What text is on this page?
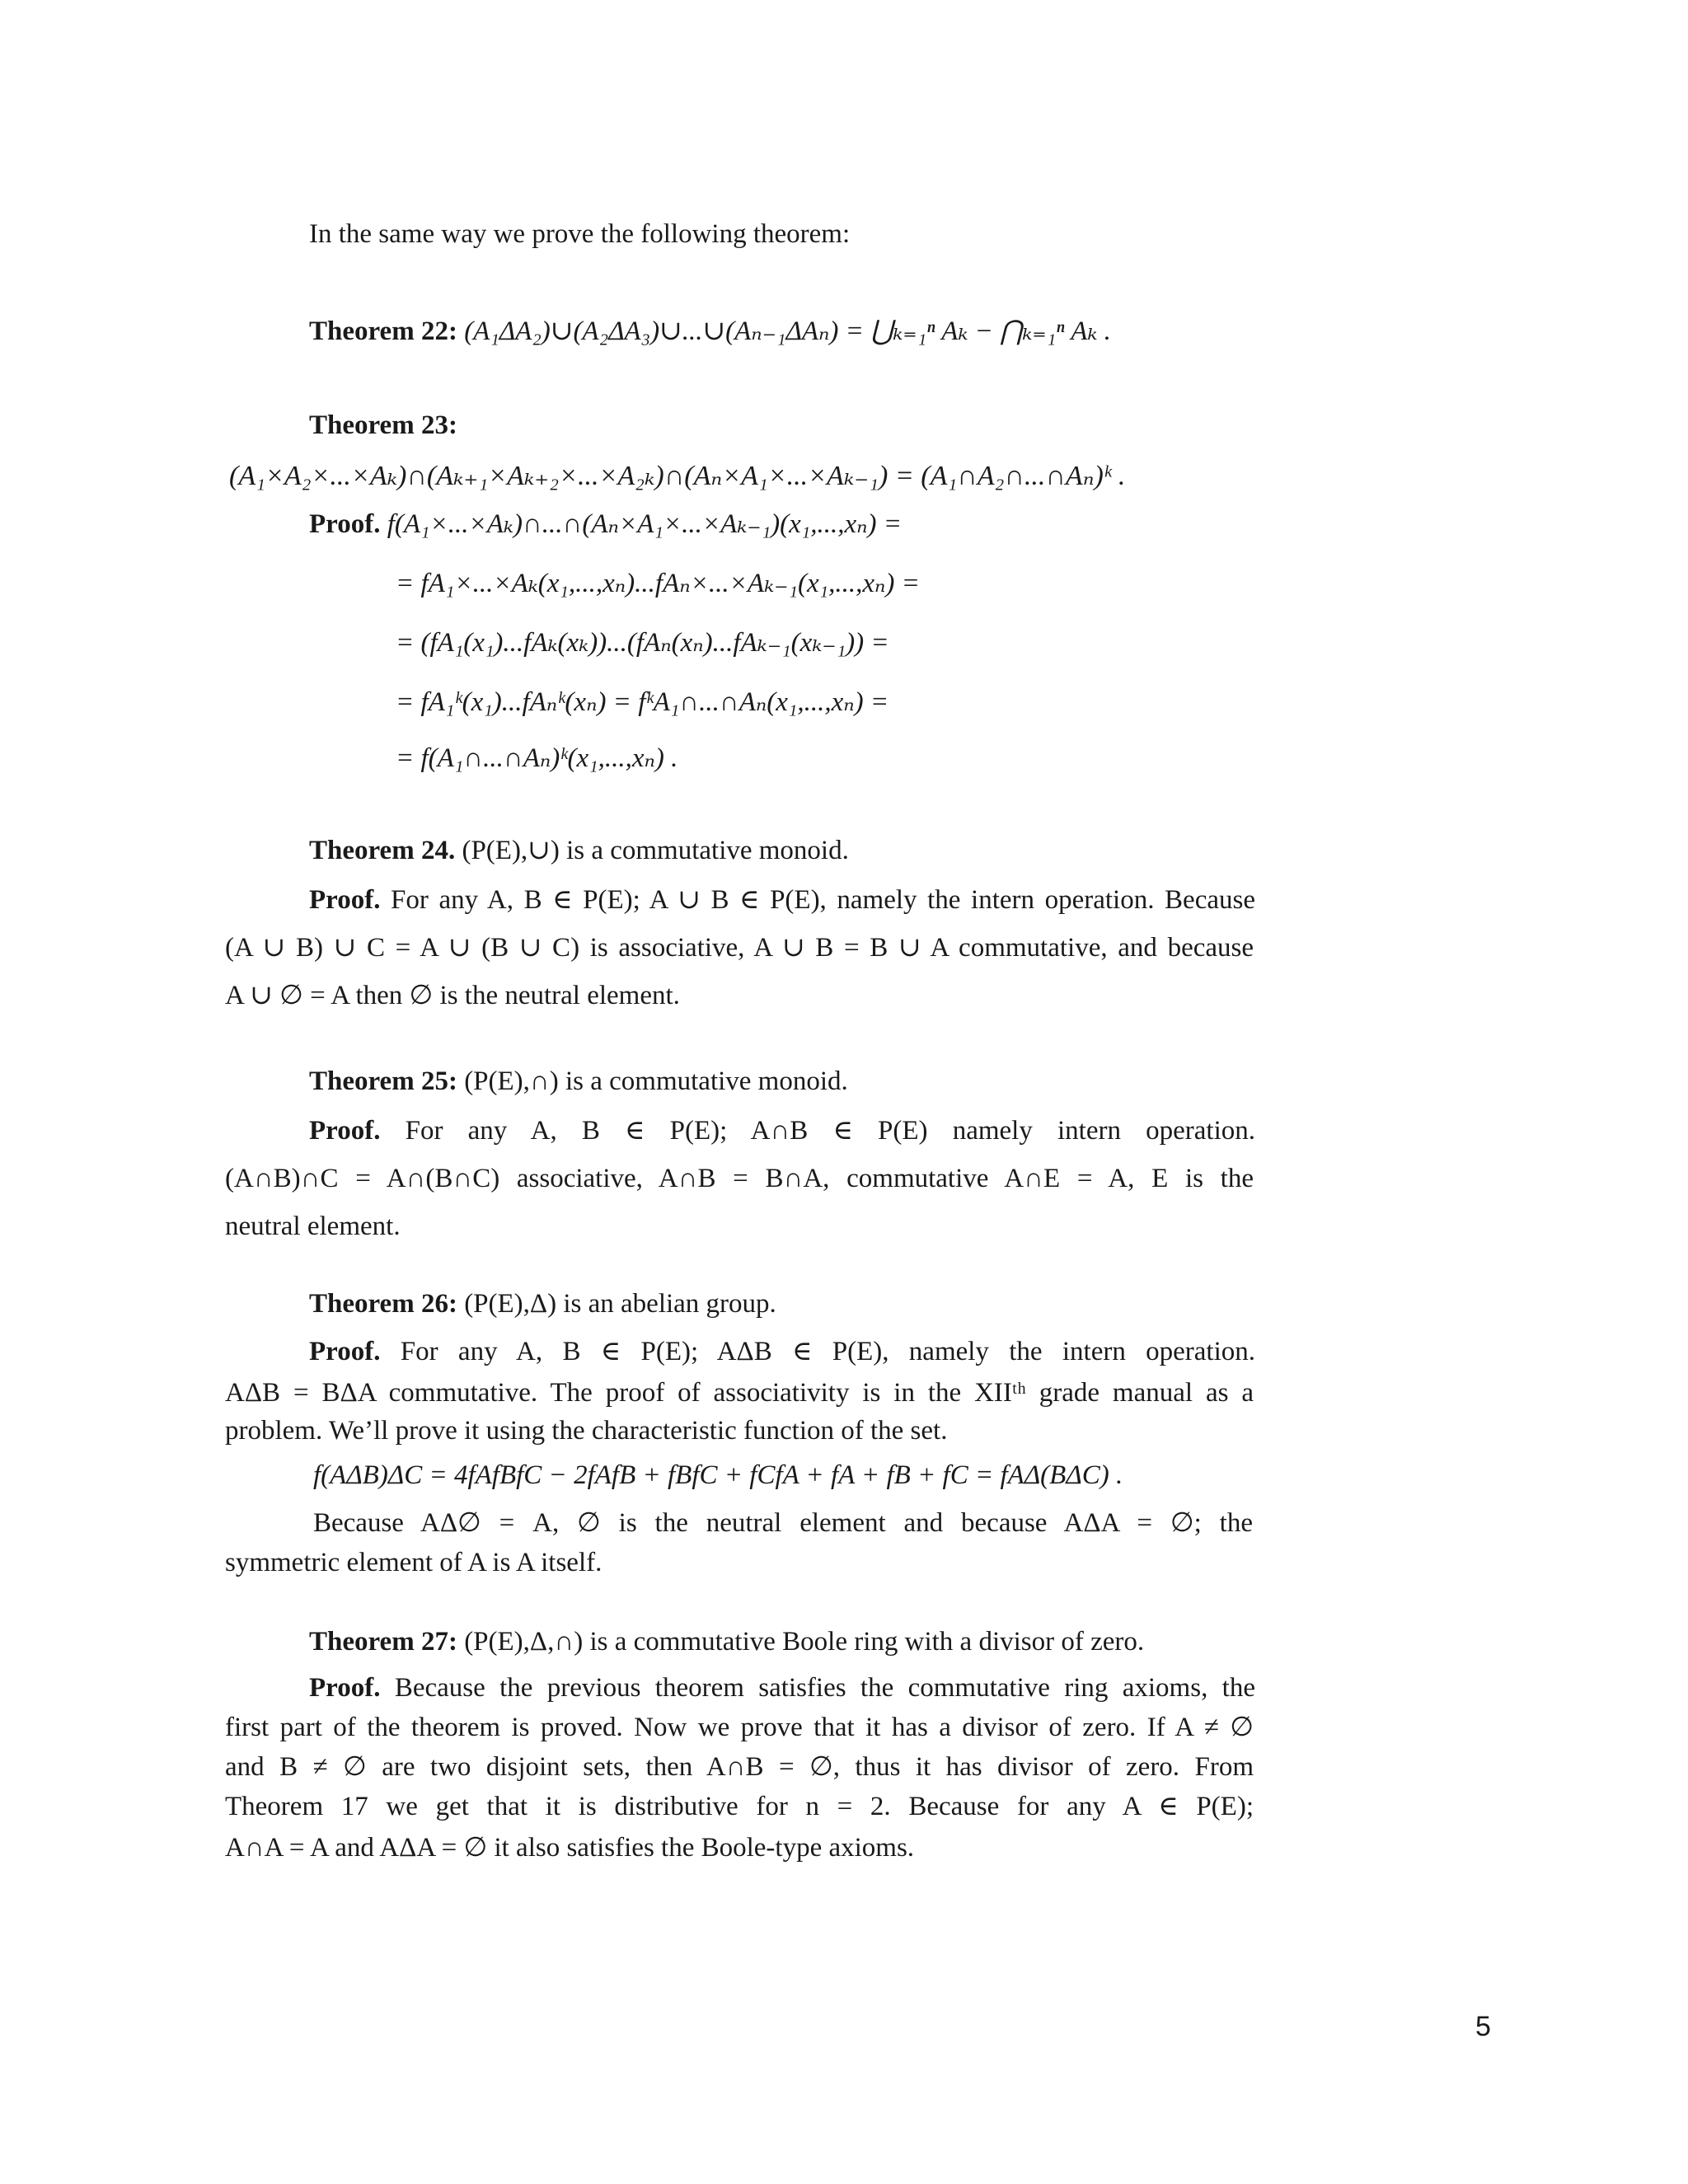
In the same way we prove the following theorem:
Theorem 22: (A₁ΔA₂)∪(A₂ΔA₃)∪...∪(Aₙ₋₁ΔAₙ) = ⋃ₖ₌₁ⁿ Aₖ − ⋂ₖ₌₁ⁿ Aₖ .
Theorem 23:
(A₁×A₂×...×Aₖ)∩(Aₖ₊₁×Aₖ₊₂×...×A₂ₖ)∩(Aₙ×A₁×...×Aₖ₋₁) = (A₁∩A₂∩...∩Aₙ)ᵏ .
Proof. f(A₁×...×Aₖ)∩...∩(Aₙ×A₁×...×Aₖ₋₁)(x₁,...,xₙ) =
= fA₁×...×Aₖ(x₁,...,xₙ)...fAₙ×...×Aₖ₋₁(x₁,...,xₙ) =
= (fA₁(x₁)...fAₖ(xₖ))...(fAₙ(xₙ)...fAₖ₋₁(xₖ₋₁)) =
= fA₁ᵏ(x₁)...fAₙᵏ(xₙ) = fᵏA₁∩...∩Aₙ(x₁,...,xₙ) =
= f(A₁∩...∩Aₙ)ᵏ(x₁,...,xₙ) .
Theorem 24. (P(E),∪) is a commutative monoid.
Proof. For any A, B ∈ P(E); A ∪ B ∈ P(E), namely the intern operation. Because
(A ∪ B) ∪ C = A ∪ (B ∪ C) is associative, A ∪ B = B ∪ A commutative, and because
A ∪ ∅ = A then ∅ is the neutral element.
Theorem 25: (P(E),∩) is a commutative monoid.
Proof. For any A, B ∈ P(E); A∩B ∈ P(E) namely intern operation.
(A∩B)∩C = A∩(B∩C) associative, A∩B = B∩A, commutative A∩E = A, E is the
neutral element.
Theorem 26: (P(E),Δ) is an abelian group.
Proof. For any A, B ∈ P(E); AΔB ∈ P(E), namely the intern operation.
AΔB = BΔA commutative. The proof of associativity is in the XIIᵗʰ grade manual as a
problem. We’ll prove it using the characteristic function of the set.
f(AΔB)ΔC = 4fAfBfC − 2fAfB + fBfC + fCfA + fA + fB + fC = fAΔ(BΔC) .
Because AΔ∅ = A, ∅ is the neutral element and because AΔA = ∅; the
symmetric element of A is A itself.
Theorem 27: (P(E),Δ,∩) is a commutative Boole ring with a divisor of zero.
Proof. Because the previous theorem satisfies the commutative ring axioms, the
first part of the theorem is proved. Now we prove that it has a divisor of zero. If A ≠ ∅
and B ≠ ∅ are two disjoint sets, then A∩B = ∅, thus it has divisor of zero. From
Theorem 17 we get that it is distributive for n = 2. Because for any A ∈ P(E);
A∩A = A and AΔA = ∅ it also satisfies the Boole-type axioms.
5
